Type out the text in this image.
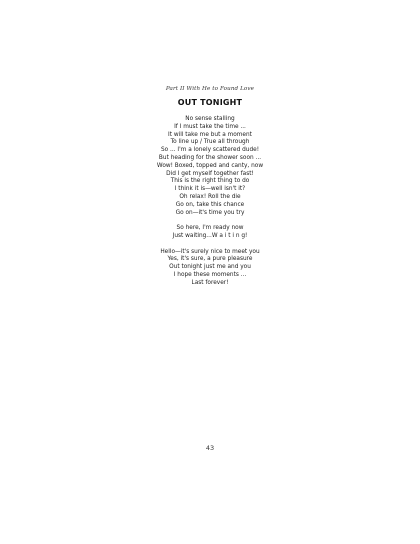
Part II With He to Found Love
OUT TONIGHT
No sense stalling
If I must take the time ...
It will take me but a moment
To line up / True all through
So ... I'm a lonely scattered dude!
But heading for the shower soon ...
Wow! Boxed, topped and canty, now
Did I get myself together fast!
This is the right thing to do
I think it is—well isn't it?
Oh relax! Roll the die
Go on, take this chance
Go on—it's time you try
So here, I'm ready now
Just waiting...W a i t i n g!
Hello—it's surely nice to meet you
Yes, it's sure, a pure pleasure
Out tonight just me and you
I hope these moments ...
Last forever!
43
